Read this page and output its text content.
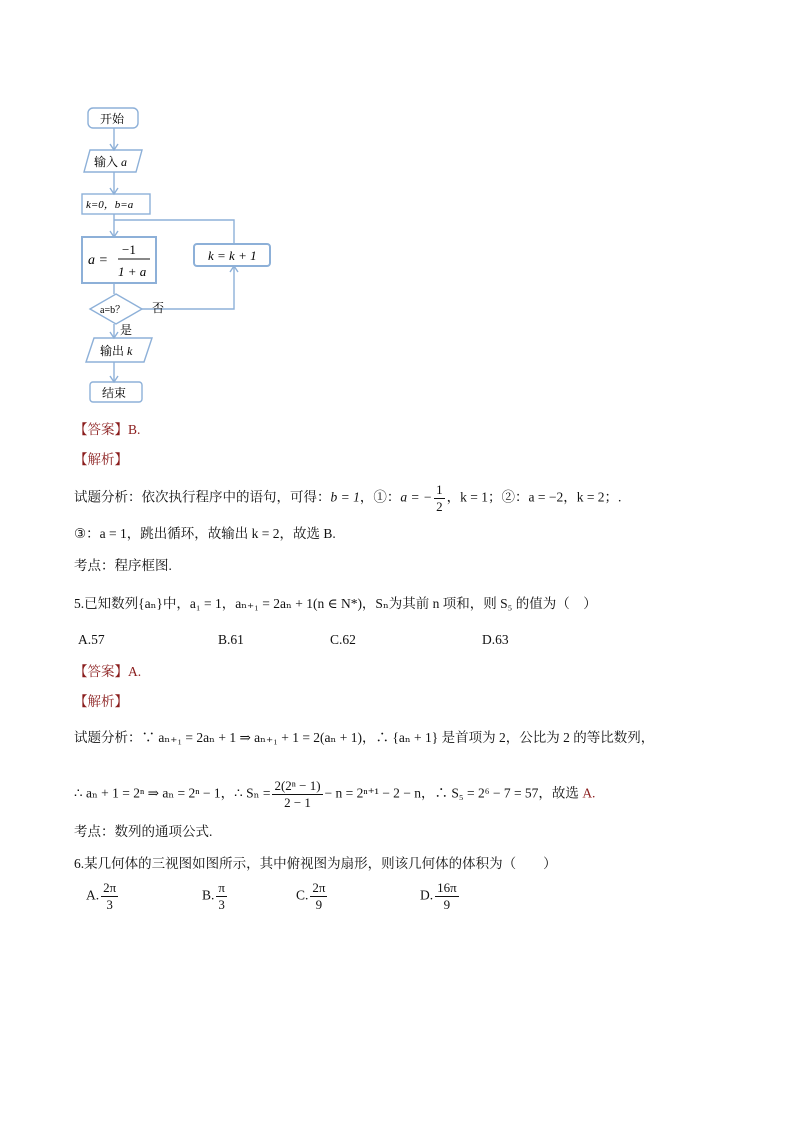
开始
输入 a
k=0，b=a
a =
−1
1 + a
k = k + 1
a=b？ 否
是
输出 k
结束
【答案】B.
【解析】
试题分析：依次执行程序中的语句，可得：b = 1，①：a = − $\frac{1}{2}$ ，k = 1；②：a = −2，k = 2；.
③：a = 1，跳出循环，故输出 k = 2，故选 B.
考点：程序框图.
5.已知数列{aₙ}中，a₁ = 1，aₙ₊₁ = 2aₙ + 1(n ∈ N*)，Sₙ为其前 n 项和，则 S₅ 的值为（　）
A.57	B.61	C.62	D.63
【答案】A.
【解析】
试题分析：∵ aₙ₊₁ = 2aₙ + 1 ⇒ aₙ₊₁ + 1 = 2(aₙ + 1)，∴ {aₙ + 1} 是首项为 2，公比为 2 的等比数列，
∴ aₙ + 1 = 2ⁿ ⇒ aₙ = 2ⁿ − 1，∴ $S_n = \frac{\text{2(2ⁿ − 1)}}{2 - 1} - n = 2^{n+1} - 2 - n$，∴ S₅ = 2⁶ − 7 = 57，故选 A.
考点：数列的通项公式.
6.某几何体的三视图如图所示，其中俯视图为扇形，则该几何体的体积为（　　）
A. $\frac{2\pi}{3}$	B. $\frac{\pi}{3}$	C. $\frac{2\pi}{9}$	D. $\frac{16\pi}{9}$
